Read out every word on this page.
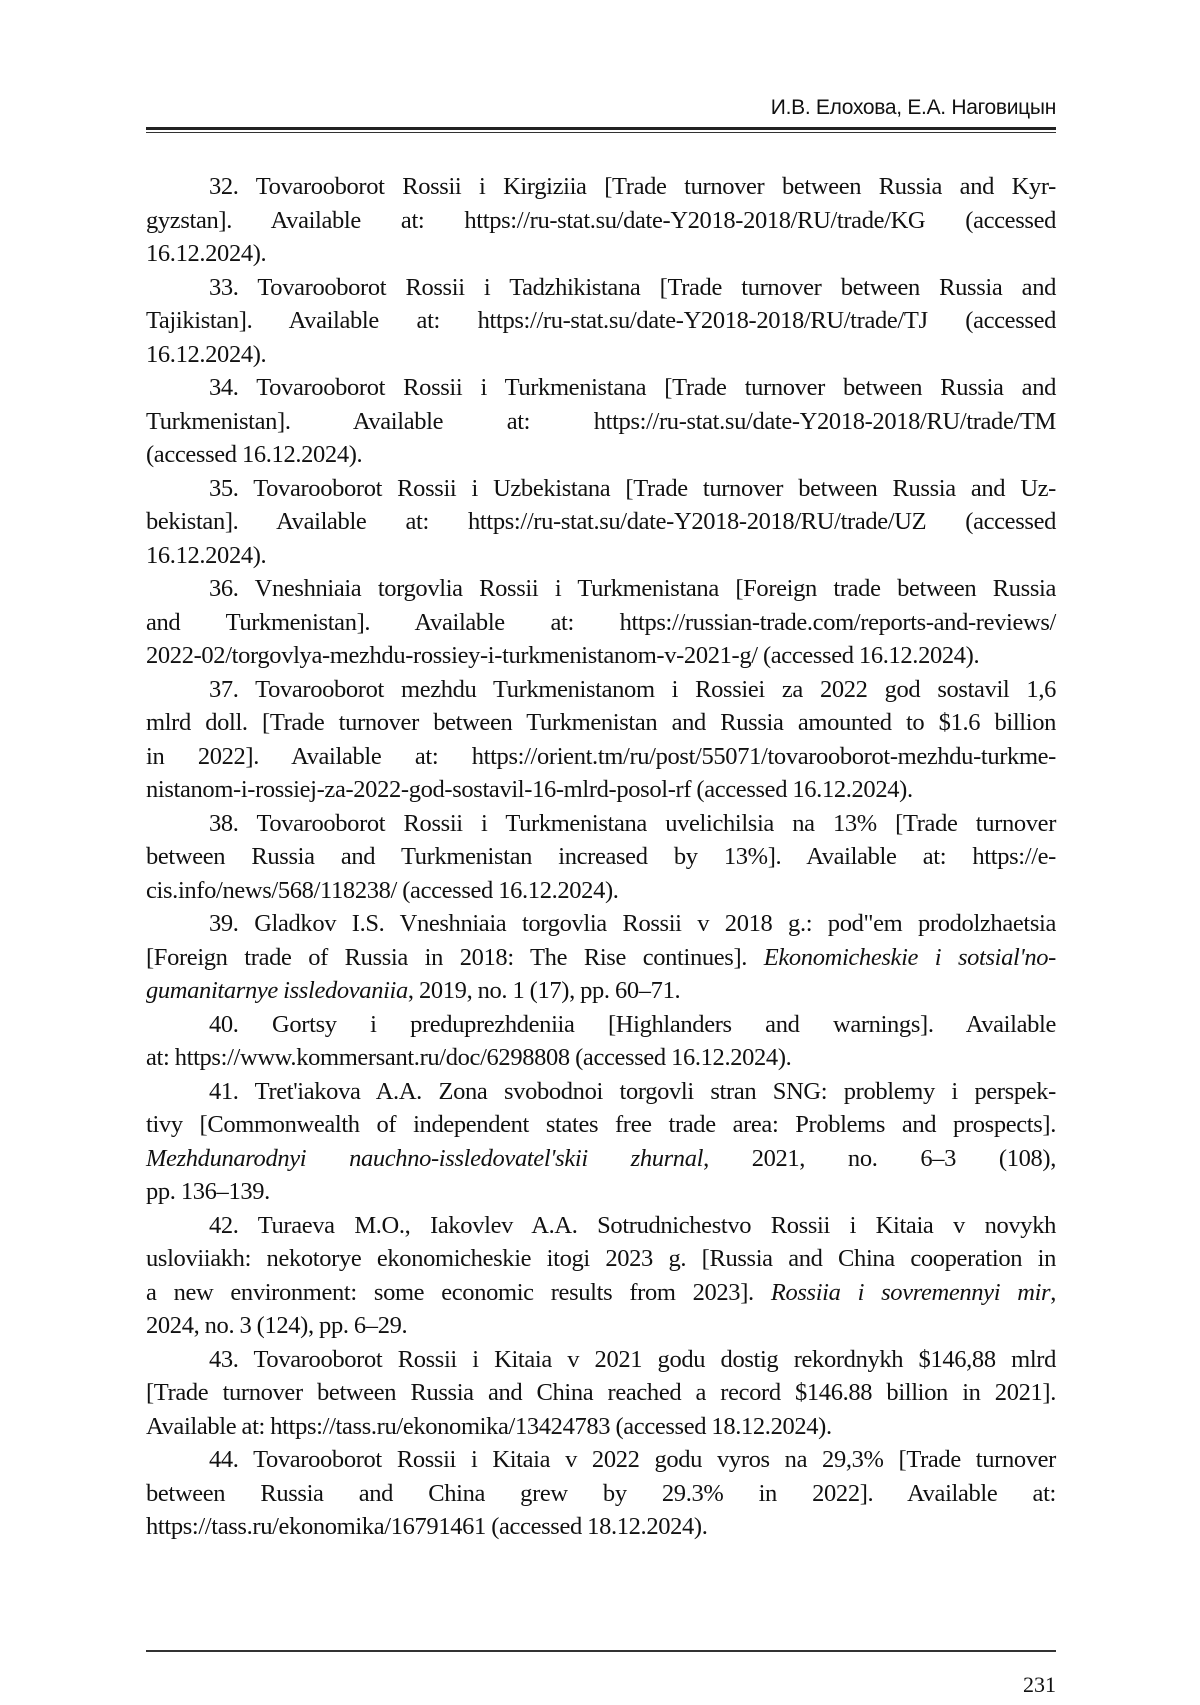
И.В. Елохова, Е.А. Наговицын
32. Tovarooborot Rossii i Kirgiziia [Trade turnover between Russia and Kyr-
gyzstan]. Available at: https://ru-stat.su/date-Y2018-2018/RU/trade/KG (accessed
16.12.2024).
33. Tovarooborot Rossii i Tadzhikistana [Trade turnover between Russia and
Tajikistan]. Available at: https://ru-stat.su/date-Y2018-2018/RU/trade/TJ (accessed
16.12.2024).
34. Tovarooborot Rossii i Turkmenistana [Trade turnover between Russia and
Turkmenistan]. Available at: https://ru-stat.su/date-Y2018-2018/RU/trade/TM
(accessed 16.12.2024).
35. Tovarooborot Rossii i Uzbekistana [Trade turnover between Russia and Uz-
bekistan]. Available at: https://ru-stat.su/date-Y2018-2018/RU/trade/UZ (accessed
16.12.2024).
36. Vneshniaia torgovlia Rossii i Turkmenistana [Foreign trade between Russia
and Turkmenistan]. Available at: https://russian-trade.com/reports-and-reviews/
2022-02/torgovlya-mezhdu-rossiey-i-turkmenistanom-v-2021-g/ (accessed 16.12.2024).
37. Tovarooborot mezhdu Turkmenistanom i Rossiei za 2022 god sostavil 1,6
mlrd doll. [Trade turnover between Turkmenistan and Russia amounted to $1.6 billion
in 2022]. Available at: https://orient.tm/ru/post/55071/tovarooborot-mezhdu-turkme-
nistanom-i-rossiej-za-2022-god-sostavil-16-mlrd-posol-rf (accessed 16.12.2024).
38. Tovarooborot Rossii i Turkmenistana uvelichilsia na 13% [Trade turnover
between Russia and Turkmenistan increased by 13%]. Available at: https://e-
cis.info/news/568/118238/ (accessed 16.12.2024).
39. Gladkov I.S. Vneshniaia torgovlia Rossii v 2018 g.: pod"em prodolzhaetsia
[Foreign trade of Russia in 2018: The Rise continues]. Ekonomicheskie i sotsial'no-
gumanitarnye issledovaniia, 2019, no. 1 (17), pp. 60–71.
40. Gortsy i preduprezhdeniia [Highlanders and warnings]. Available
at: https://www.kommersant.ru/doc/6298808 (accessed 16.12.2024).
41. Tret'iakova A.A. Zona svobodnoi torgovli stran SNG: problemy i perspek-
tivy [Commonwealth of independent states free trade area: Problems and prospects].
Mezhdunarodnyi nauchno-issledovatel'skii zhurnal, 2021, no. 6–3 (108),
pp. 136–139.
42. Turaeva M.O., Iakovlev A.A. Sotrudnichestvo Rossii i Kitaia v novykh
usloviiakh: nekotorye ekonomicheskie itogi 2023 g. [Russia and China cooperation in
a new environment: some economic results from 2023]. Rossiia i sovremennyi mir,
2024, no. 3 (124), pp. 6–29.
43. Tovarooborot Rossii i Kitaia v 2021 godu dostig rekordnykh $146,88 mlrd
[Trade turnover between Russia and China reached a record $146.88 billion in 2021].
Available at: https://tass.ru/ekonomika/13424783 (accessed 18.12.2024).
44. Tovarooborot Rossii i Kitaia v 2022 godu vyros na 29,3% [Trade turnover
between Russia and China grew by 29.3% in 2022]. Available at:
https://tass.ru/ekonomika/16791461 (accessed 18.12.2024).
231
